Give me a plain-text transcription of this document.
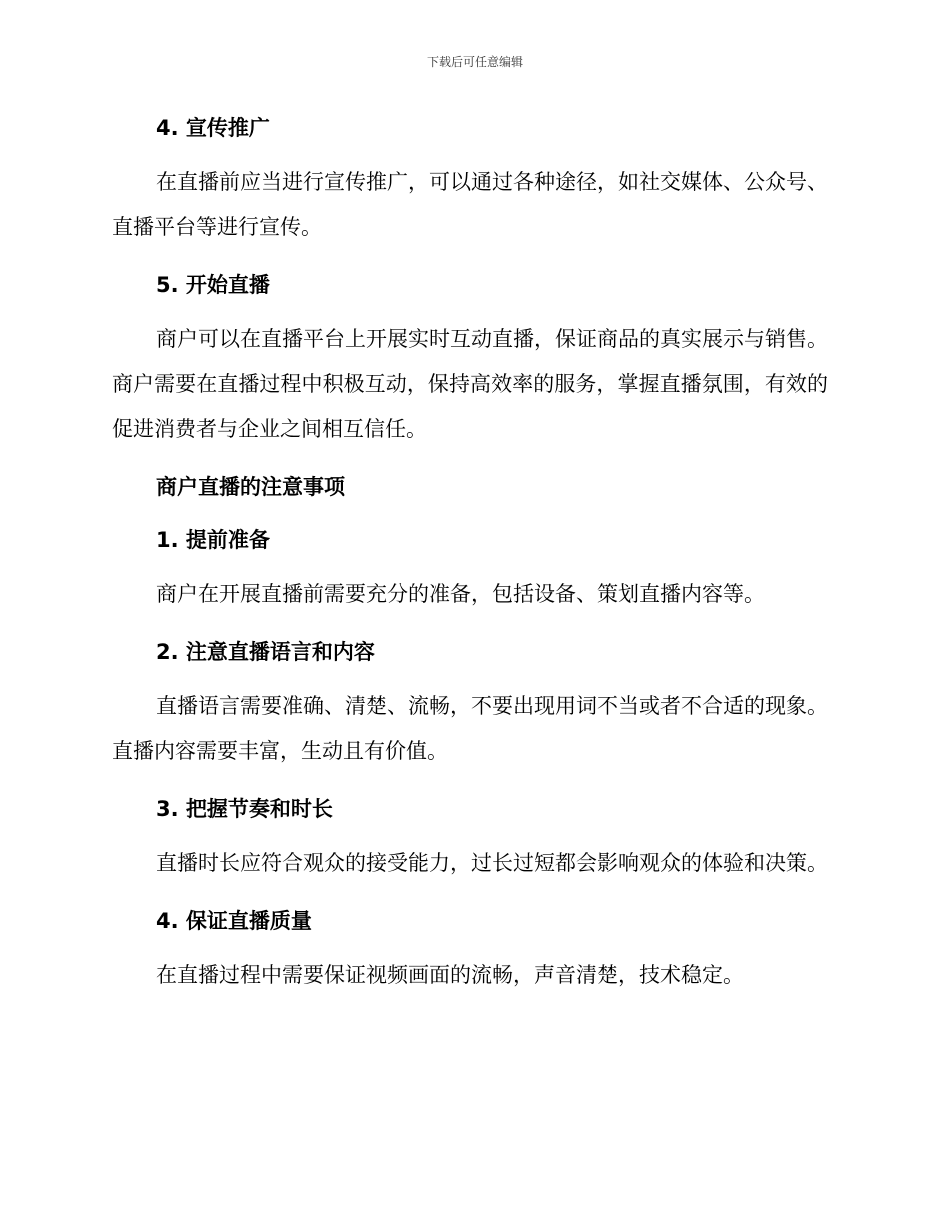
下载后可任意编辑
4. 宣传推广

在直播前应当进行宣传推广，可以通过各种途径，如社交媒体、公众号、直播平台等进行宣传。

5. 开始直播

商户可以在直播平台上开展实时互动直播，保证商品的真实展示与销售。商户需要在直播过程中积极互动，保持高效率的服务，掌握直播氛围，有效的促进消费者与企业之间相互信任。

商户直播的注意事项
1. 提前准备

商户在开展直播前需要充分的准备，包括设备、策划直播内容等。

2. 注意直播语言和内容

直播语言需要准确、清楚、流畅，不要出现用词不当或者不合适的现象。直播内容需要丰富，生动且有价值。

3. 把握节奏和时长

直播时长应符合观众的接受能力，过长过短都会影响观众的体验和决策。

4. 保证直播质量

在直播过程中需要保证视频画面的流畅，声音清楚，技术稳定。
